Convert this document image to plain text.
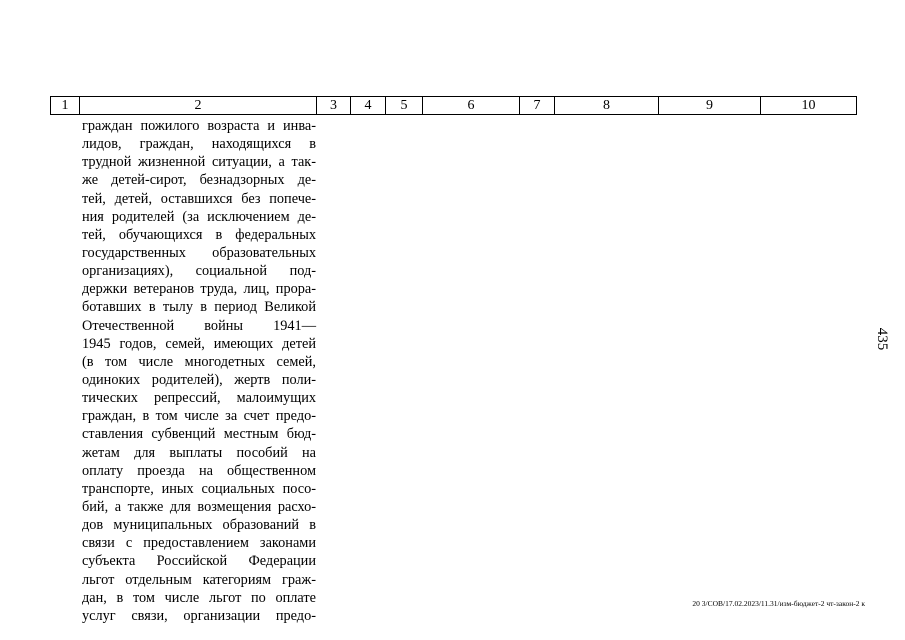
1	2	3	4	5	6	7	8	9	10
граждан пожилого возраста и инва-
лидов, граждан, находящихся в
трудной жизненной ситуации, а так-
же детей-сирот, безнадзорных де-
тей, детей, оставшихся без попече-
ния родителей (за исключением де-
тей, обучающихся в федеральных
государственных образовательных
организациях), социальной под-
держки ветеранов труда, лиц, прора-
ботавших в тылу в период Великой
Отечественной войны 1941—
1945 годов, семей, имеющих детей
(в том числе многодетных семей,
одиноких родителей), жертв поли-
тических репрессий, малоимущих
граждан, в том числе за счет предо-
ставления субвенций местным бюд-
жетам для выплаты пособий на
оплату проезда на общественном
транспорте, иных социальных посо-
бий, а также для возмещения расхо-
дов муниципальных образований в
связи с предоставлением законами
субъекта Российской Федерации
льгот отдельным категориям граж-
дан, в том числе льгот по оплате
услуг связи, организации предо-
435
20 3/СОВ/17.02.2023/11.31/изм-бюджет-2 чт-закон-2 к
